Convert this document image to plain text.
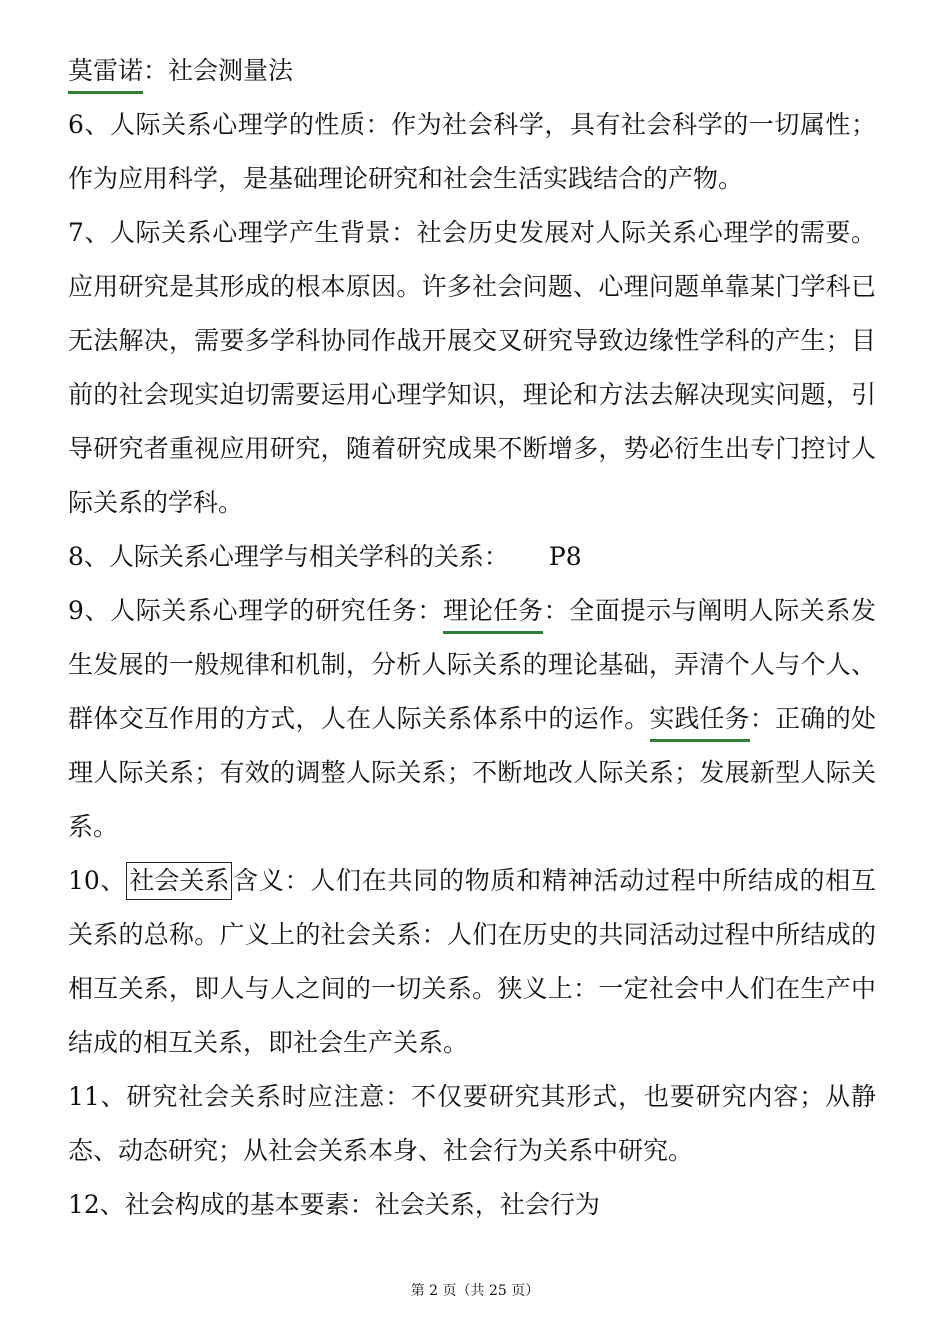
莫雷诺：社会测量法

6、人际关系心理学的性质：作为社会科学，具有社会科学的一切属性；作为应用科学，是基础理论研究和社会生活实践结合的产物。

7、人际关系心理学产生背景：社会历史发展对人际关系心理学的需要。应用研究是其形成的根本原因。许多社会问题、心理问题单靠某门学科已无法解决，需要多学科协同作战开展交叉研究导致边缘性学科的产生；目前的社会现实迫切需要运用心理学知识，理论和方法去解决现实问题，引导研究者重视应用研究，随着研究成果不断增多，势必衍生出专门控讨人际关系的学科。

8、人际关系心理学与相关学科的关系： P8

9、人际关系心理学的研究任务：理论任务：全面提示与阐明人际关系发生发展的一般规律和机制，分析人际关系的理论基础，弄清个人与个人、群体交互作用的方式，人在人际关系体系中的运作。实践任务：正确的处理人际关系；有效的调整人际关系；不断地改人际关系；发展新型人际关系。

10、 社会关系 含义：人们在共同的物质和精神活动过程中所结成的相互关系的总称。广义上的社会关系：人们在历史的共同活动过程中所结成的相互关系，即人与人之间的一切关系。狭义上：一定社会中人们在生产中结成的相互关系，即社会生产关系。

11、研究社会关系时应注意：不仅要研究其形式，也要研究内容；从静态、动态研究；从社会关系本身、社会行为关系中研究。

12、社会构成的基本要素：社会关系，社会行为

第 2 页（共 25 页）
